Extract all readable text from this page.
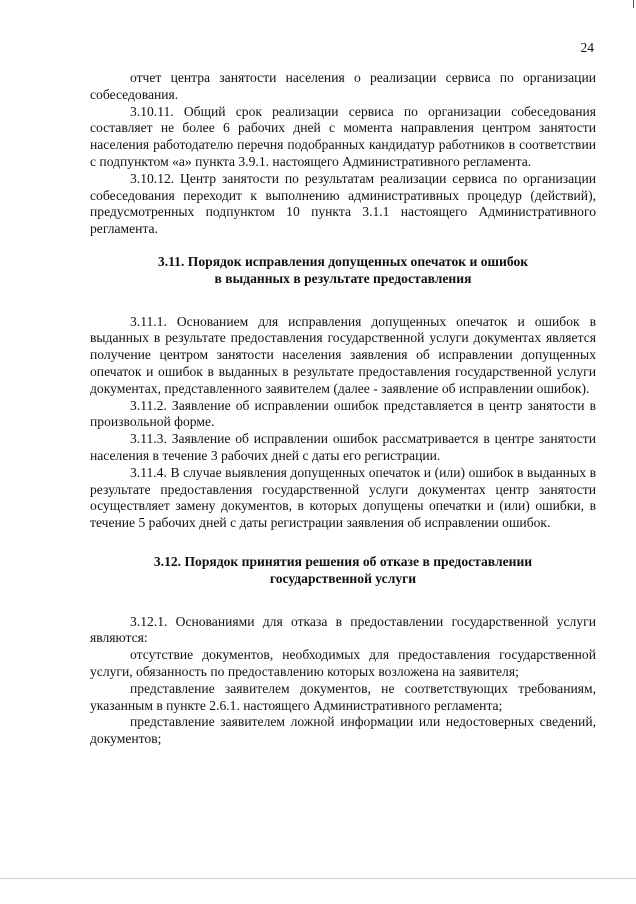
24

отчет центра занятости населения о реализации сервиса по организации собеседования.

3.10.11. Общий срок реализации сервиса по организации собеседования составляет не более 6 рабочих дней с момента направления центром занятости населения работодателю перечня подобранных кандидатур работников в соответствии с подпунктом «а» пункта 3.9.1. настоящего Административного регламента.

3.10.12. Центр занятости по результатам реализации сервиса по организации собеседования переходит к выполнению административных процедур (действий), предусмотренных подпунктом 10 пункта 3.1.1 настоящего Административного регламента.

3.11. Порядок исправления допущенных опечаток и ошибок
в выданных в результате предоставления

3.11.1. Основанием для исправления допущенных опечаток и ошибок в выданных в результате предоставления государственной услуги документах является получение центром занятости населения заявления об исправлении допущенных опечаток и ошибок в выданных в результате предоставления государственной услуги документах, представленного заявителем (далее - заявление об исправлении ошибок).

3.11.2. Заявление об исправлении ошибок представляется в центр занятости в произвольной форме.

3.11.3. Заявление об исправлении ошибок рассматривается в центре занятости населения в течение 3 рабочих дней с даты его регистрации.

3.11.4. В случае выявления допущенных опечаток и (или) ошибок в выданных в результате предоставления государственной услуги документах центр занятости осуществляет замену документов, в которых допущены опечатки и (или) ошибки, в течение 5 рабочих дней с даты регистрации заявления об исправлении ошибок.

3.12. Порядок принятия решения об отказе в предоставлении
государственной услуги

3.12.1. Основаниями для отказа в предоставлении государственной услуги являются:

отсутствие документов, необходимых для предоставления государственной услуги, обязанность по предоставлению которых возложена на заявителя;

представление заявителем документов, не соответствующих требованиям, указанным в пункте 2.6.1. настоящего Административного регламента;

представление заявителем ложной информации или недостоверных сведений, документов;
